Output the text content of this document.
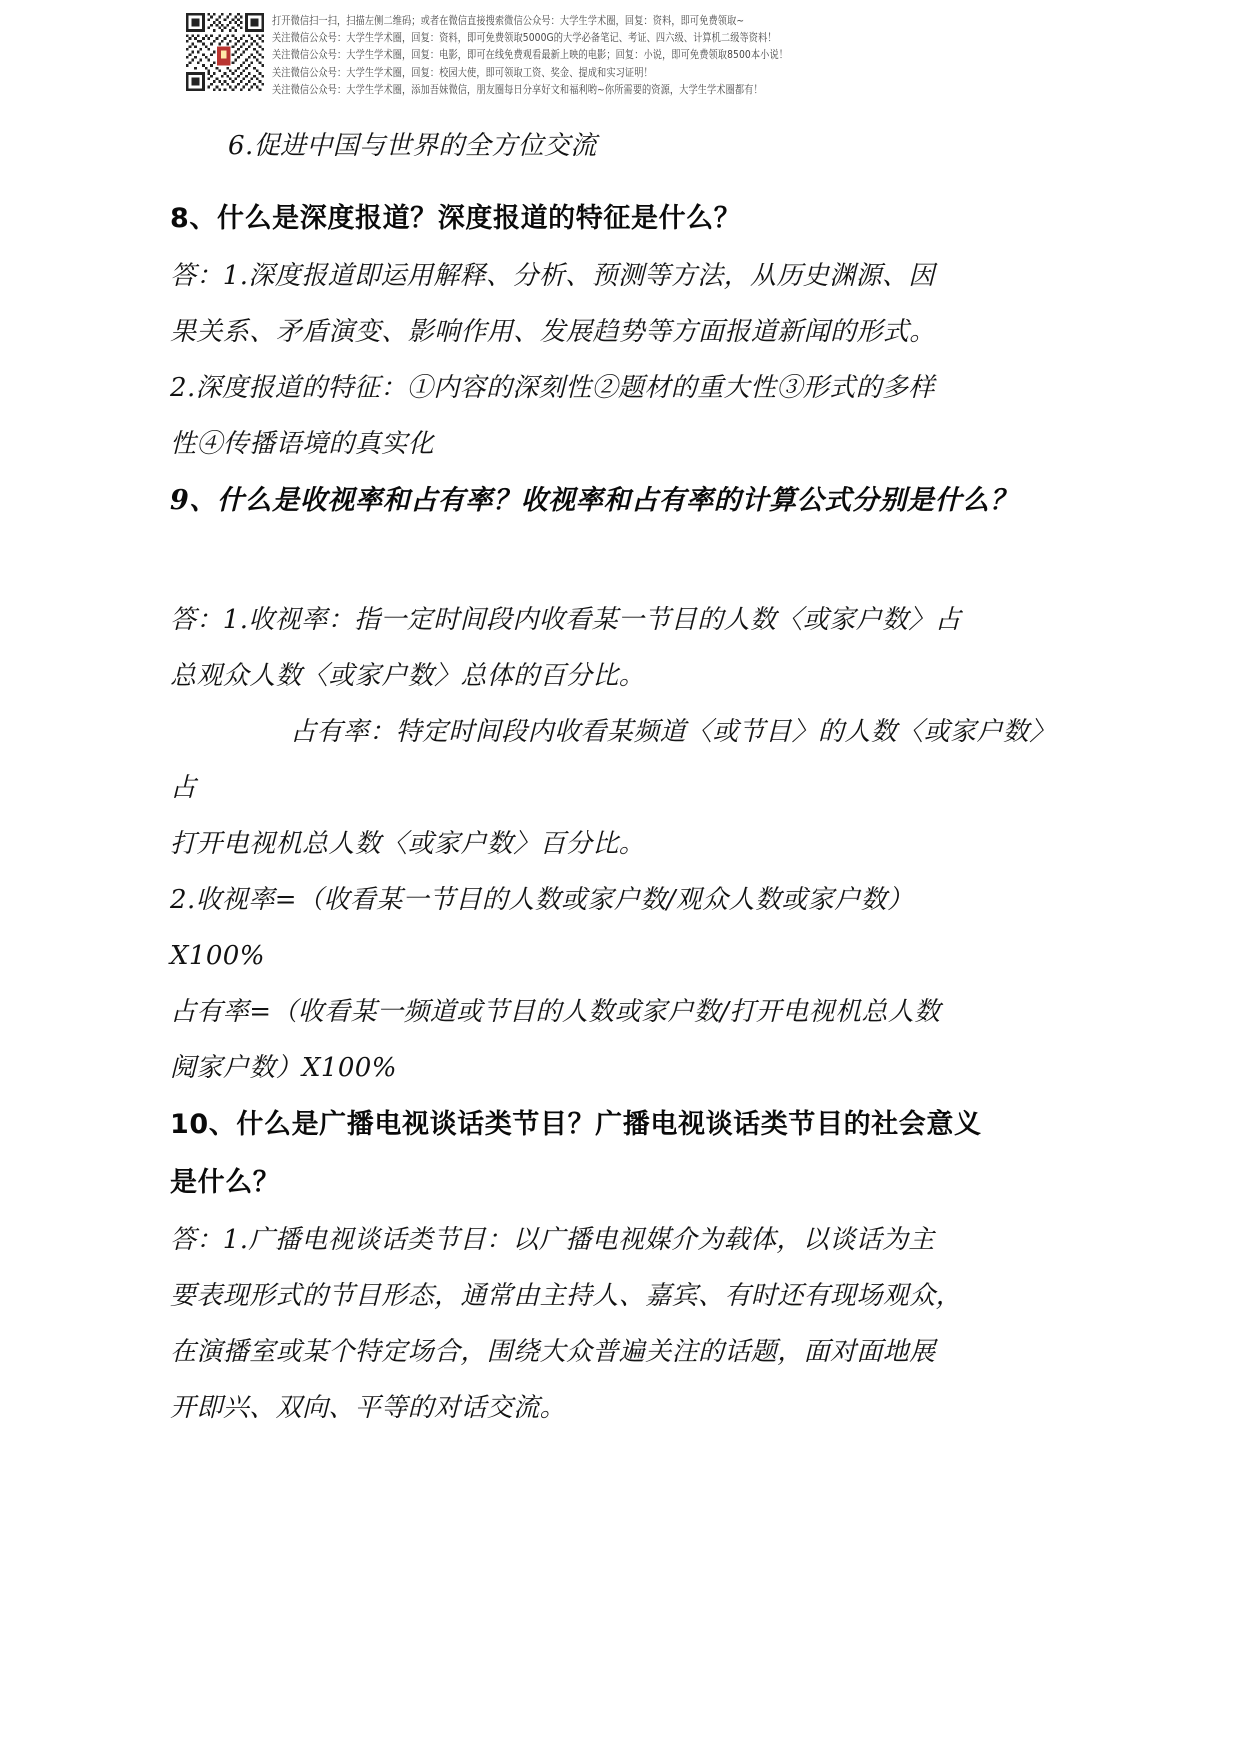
打开微信扫一扫，扫描左侧二维码；或者在微信直接搜索微信公众号：大学生学术圈，回复：资料，即可免费领取~
关注微信公众号：大学生学术圈，回复：资料，即可免费领取5000G的大学必备笔记、考证、四六级、计算机二级等资料！
关注微信公众号：大学生学术圈，回复：电影，即可在线免费观看最新上映的电影；回复：小说，即可免费领取8500本小说！
关注微信公众号：大学生学术圈，回复：校园大使，即可领取工资、奖金、提成和实习证明！
关注微信公众号：大学生学术圈，添加吾妹微信，朋友圈每日分享好文和福利哟~你所需要的资源，大学生学术圈都有！
6.促进中国与世界的全方位交流
8、什么是深度报道？深度报道的特征是什么？
答：1.深度报道即运用解释、分析、预测等方法，从历史渊源、因
果关系、矛盾演变、影响作用、发展趋势等方面报道新闻的形式。
2.深度报道的特征：①内容的深刻性②题材的重大性③形式的多样
性④传播语境的真实化
9、什么是收视率和占有率？收视率和占有率的计算公式分别是什么？
答：1.收视率：指一定时间段内收看某一节目的人数〈或家户数〉占
总观众人数〈或家户数〉总体的百分比。
占有率：特定时间段内收看某频道〈或节目〉的人数〈或家户数〉占
打开电视机总人数〈或家户数〉百分比。
2.收视率=（收看某一节目的人数或家户数/观众人数或家户数）
X100%
占有率=（收看某一频道或节目的人数或家户数/打开电视机总人数
阋家户数）X100%
10、什么是广播电视谈话类节目？广播电视谈话类节目的社会意义
是什么？
答：1.广播电视谈话类节目：以广播电视媒介为载体，以谈话为主
要表现形式的节目形态，通常由主持人、嘉宾、有时还有现场观众，
在演播室或某个特定场合，围绕大众普遍关注的话题，面对面地展
开即兴、双向、平等的对话交流。
